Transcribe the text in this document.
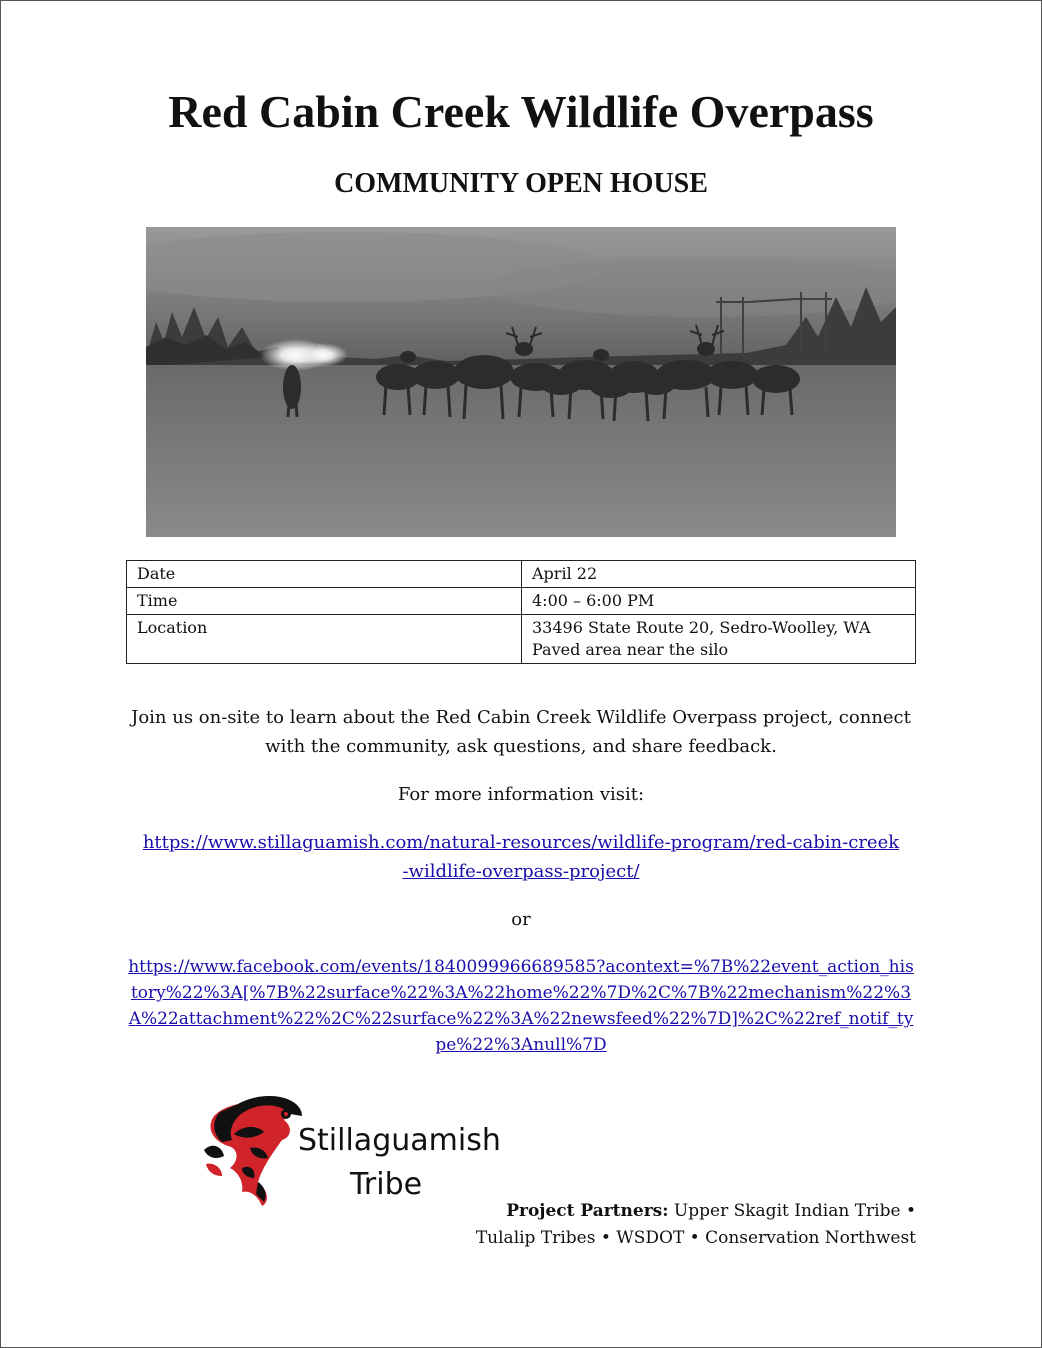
Red Cabin Creek Wildlife Overpass
COMMUNITY OPEN HOUSE
Date	April 22
Time	4:00 – 6:00 PM
Location	33496 State Route 20, Sedro-Woolley, WA
Paved area near the silo

Join us on-site to learn about the Red Cabin Creek Wildlife Overpass project, connect with the community, ask questions, and share feedback.

For more information visit:

https://www.stillaguamish.com/natural-resources/wildlife-program/red-cabin-creek-wildlife-overpass-project/

or

https://www.facebook.com/events/1840099966689585?acontext=%7B%22event_action_history%22%3A[%7B%22surface%22%3A%22home%22%7D%2C%7B%22mechanism%22%3A%22attachment%22%2C%22surface%22%3A%22newsfeed%22%7D]%2C%22ref_notif_type%22%3Anull%7D

Stillaguamish
Tribe
Project Partners: Upper Skagit Indian Tribe •
Tulalip Tribes • WSDOT • Conservation Northwest
